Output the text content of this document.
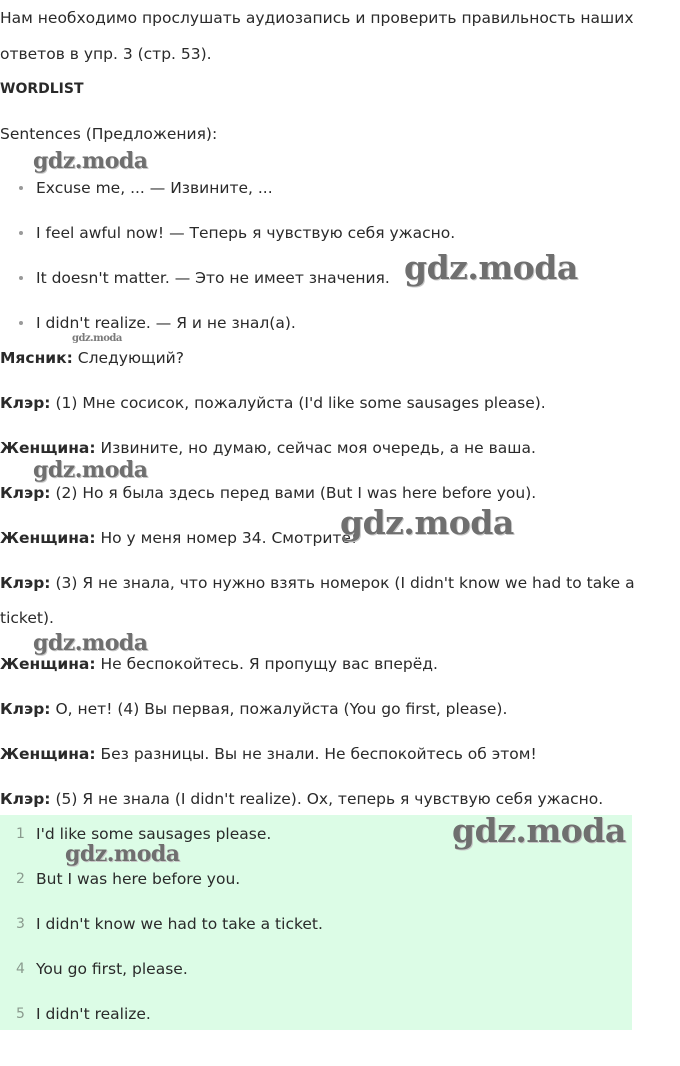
Нам необходимо прослушать аудиозапись и проверить правильность наших
ответов в упр. 3 (стр. 53).
WORDLIST
Sentences (Предложения):
gdz.moda
Excuse me, ... — Извините, ...
I feel awful now! — Теперь я чувствую себя ужасно.
It doesn't matter. — Это не имеет значения.
I didn't realize. — Я и не знал(а).
gdz.moda
gdz.moda
Мясник: Следующий?
Клэр: (1) Мне сосисок, пожалуйста (I'd like some sausages please).
Женщина: Извините, но думаю, сейчас моя очередь, а не ваша.
gdz.moda
Клэр: (2) Но я была здесь перед вами (But I was here before you).
Женщина: Но у меня номер 34. Смотрите!
gdz.moda
Клэр: (3) Я не знала, что нужно взять номерок (I didn't know we had to take a
ticket).
gdz.moda
Женщина: Не беспокойтесь. Я пропущу вас вперёд.
Клэр: О, нет! (4) Вы первая, пожалуйста (You go first, please).
Женщина: Без разницы. Вы не знали. Не беспокойтесь об этом!
Клэр: (5) Я не знала (I didn't realize). Ох, теперь я чувствую себя ужасно.
1 I'd like some sausages please.
2 But I was here before you.
3 I didn't know we had to take a ticket.
4 You go first, please.
5 I didn't realize.
gdz.moda
gdz.moda
